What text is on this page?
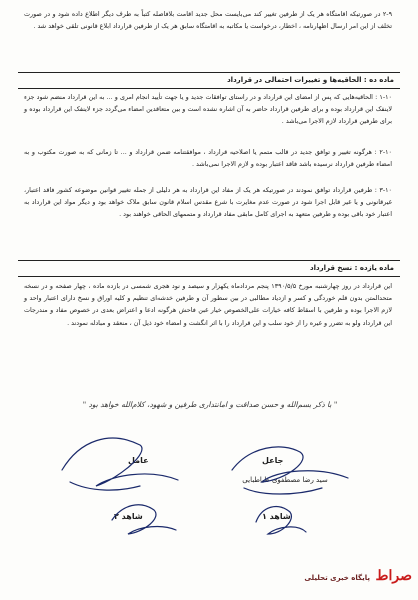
۲-۹ در صورتیکه اقامتگاه هر یک از طرفین تغییر کند می‌بایست محل جدید اقامت بلافاصله کتباً به طرف دیگر اطلاع داده شود و در صورت تخلف از این امر ارسال اظهارنامه ، اخطار، درخواست یا مکاتبه به اقامتگاه سابق هر یک از طرفین قرارداد ابلاغ قانونی تلقی خواهد شد .
ماده ده : الحاقیه‌ها و تغییرات احتمالی در قرارداد
۱-۱۰ : الحاقیه‌هایی که پس از امضای این قرارداد و در راستای توافقات جدید و یا جهت تأیید انجام امری و ... به این قرارداد منضم شود جزء لاینفک این قرارداد بوده و برای طرفین قرارداد حاضر به آن اشاره نشده است و بین متعاقدین امضاء می‌گردد جزء لاینفک این قرارداد بوده و برای طرفین قرارداد لازم الاجرا می‌باشد .
۲-۱۰ : هرگونه تغییر و توافق جدید در قالب متمم یا اصلاحیه قرارداد ، موافقتنامه ضمن قرارداد و ... تا زمانی که به صورت مکتوب و به امضاء طرفین قرارداد نرسیده باشد فاقد اعتبار بوده و لازم الاجرا نمی‌باشد .
۳-۱۰ : طرفین قرارداد توافق نمودند در صورتیکه هر یک از مفاد این قرارداد به هر دلیلی از جمله تغییر قوانین موضوعه کشور فاقد اعتبار، غیرقانونی و یا غیر قابل اجرا شود در صورت عدم مغایرت با شرع مقدس اسلام قانون سابق ملاک خواهد بود و دیگر مواد این قرارداد به اعتبار خود باقی بوده و طرفین متعهد به اجرای کامل مابقی مفاد قرارداد و متممهای الحاقی خواهند بود .
ماده یازده : نسخ قرارداد
این قرارداد در روز چهارشنبه مورخ ۱۳۹۰/۵/۵ پنجم مردادماه یکهزار و سیصد و نود هجری شمسی در بازده ماده ، چهار صفحه و در نسخه متحدالمتن بدون قلم خوردگی و کسر و ازدیاد مطالبی در بین سطور آن و طرفین خدشه‌ای تنظیم و کلیه اوراق و نسخ دارای اعتبار واحد و لازم الاجرا بوده و طرفین با اسقاط کافه خیارات علی‌الخصوص خیار غبن فاحش هرگونه ادعا و اعتراض بعدی در خصوص مفاد و مندرجات این قرارداد ولو به تضرر و غیره را از خود سلب و این قرارداد را با اثر انگشت و امضاء خود ذیل آن ، منعقد و مبادله نمودند .
" با ذکر بسم‌الله و حسن صداقت و امانتداری طرفین و شهود، کلام‌الله خواهد بود "
عامل	جاعل
سید رضا مصطفوی طباطبایی
شاهد ۲	شاهد ۱
صراط
پایگاه خبری تحلیلی
